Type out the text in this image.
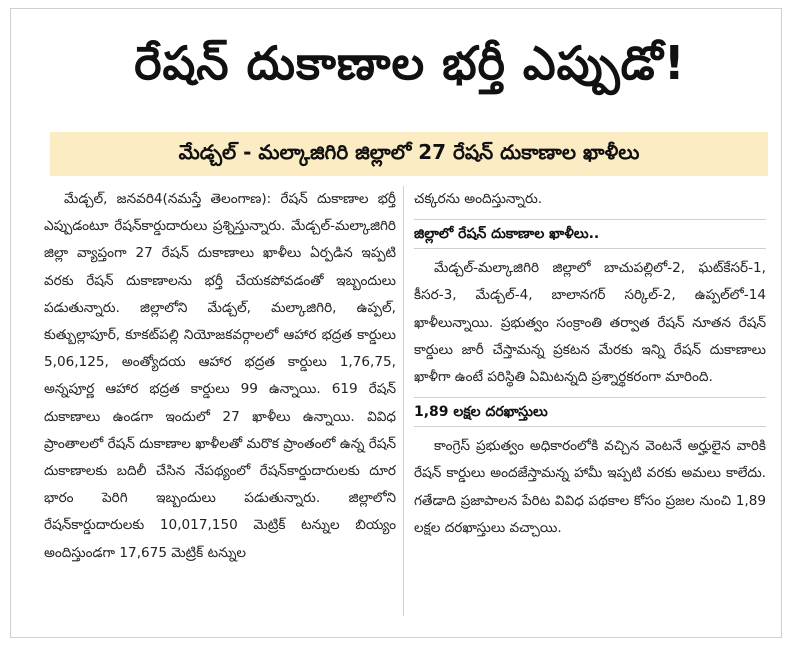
రేషన్ దుకాణాల భర్తీ ఎప్పుడో!
మేడ్చల్ - మల్కాజిగిరి జిల్లాలో 27 రేషన్ దుకాణాల ఖాళీలు

మేడ్చల్, జనవరి4(నమస్తే తెలంగాణ): రేషన్ దుకాణాల భర్తీ ఎప్పుడంటూ రేషన్‌కార్డుదారులు ప్రశ్నిస్తున్నారు. మేడ్చల్-మల్కాజిగిరి జిల్లా వ్యాప్తంగా 27 రేషన్ దుకాణాలు ఖాళీలు ఏర్పడిన ఇప్పటి వరకు రేషన్ దుకాణాలను భర్తీ చేయకపోవడంతో ఇబ్బందులు పడుతున్నారు. జిల్లాలోని మేడ్చల్, మల్కాజిగిరి, ఉప్పల్, కుత్బుల్లాపూర్, కూకట్‌పల్లి నియోజకవర్గాలలో ఆహార భద్రత కార్డులు 5,06,125, అంత్యోదయ ఆహార భద్రత కార్డులు 1,76,75, అన్నపూర్ణ ఆహార భద్రత కార్డులు 99 ఉన్నాయి. 619 రేషన్ దుకాణాలు ఉండగా ఇందులో 27 ఖాళీలు ఉన్నాయి. వివిధ ప్రాంతాలలో రేషన్ దుకాణాల ఖాళీలతో మరొక ప్రాంతంలో ఉన్న రేషన్ దుకాణాలకు బదిలీ చేసిన నేపథ్యంలో రేషన్‌కార్డుదారులకు దూర భారం పెరిగి ఇబ్బందులు పడుతున్నారు. జిల్లాలోని రేషన్‌కార్డుదారులకు 10,017,150 మెట్రిక్ టన్నుల బియ్యం అందిస్తుండగా 17,675 మెట్రిక్ టన్నుల

చక్కరను అందిస్తున్నారు.

జిల్లాలో రేషన్ దుకాణాల ఖాళీలు..

మేడ్చల్-మల్కాజిగిరి జిల్లాలో బాచుపల్లిలో-2, ఘట్‌కేసర్-1, కీసర-3, మేడ్చల్-4, బాలానగర్ సర్కిల్-2, ఉప్పల్‌లో-14 ఖాళీలున్నాయి. ప్రభుత్వం సంక్రాంతి తర్వాత రేషన్ నూతన రేషన్ కార్డులు జారీ చేస్తామన్న ప్రకటన మేరకు ఇన్ని రేషన్ దుకాణాలు ఖాళీగా ఉంటే పరిస్థితి ఏమిటన్నది ప్రశ్నార్థకరంగా మారింది.

1,89 లక్షల దరఖాస్తులు

కాంగ్రెస్ ప్రభుత్వం అధికారంలోకి వచ్చిన వెంటనే అర్హులైన వారికి రేషన్ కార్డులు అందజేస్తామన్న హామీ ఇప్పటి వరకు అమలు కాలేదు. గతేడాది ప్రజాపాలన పేరిట వివిధ పథకాల కోసం ప్రజల నుంచి 1,89 లక్షల దరఖాస్తులు వచ్చాయి.
